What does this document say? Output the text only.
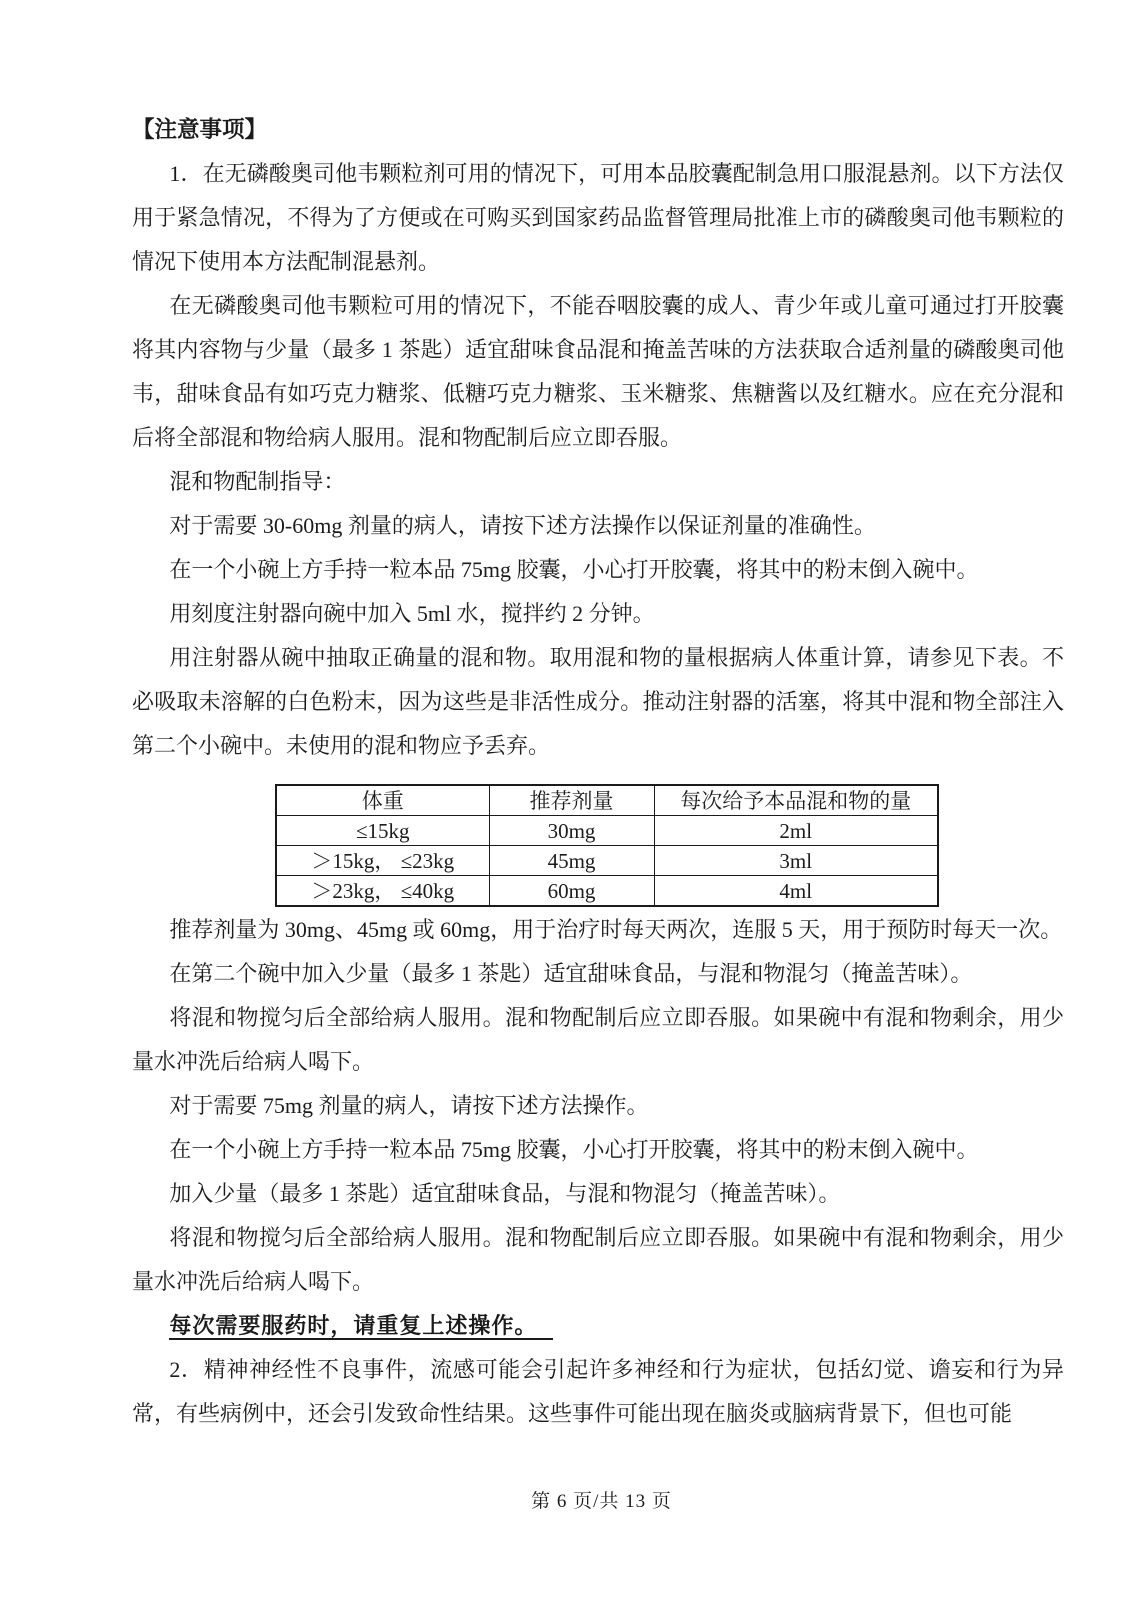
【注意事项】

1．在无磷酸奥司他韦颗粒剂可用的情况下，可用本品胶囊配制急用口服混悬剂。以下方法仅用于紧急情况，不得为了方便或在可购买到国家药品监督管理局批准上市的磷酸奥司他韦颗粒的情况下使用本方法配制混悬剂。

在无磷酸奥司他韦颗粒可用的情况下，不能吞咽胶囊的成人、青少年或儿童可通过打开胶囊将其内容物与少量（最多 1 茶匙）适宜甜味食品混和掩盖苦味的方法获取合适剂量的磷酸奥司他韦，甜味食品有如巧克力糖浆、低糖巧克力糖浆、玉米糖浆、焦糖酱以及红糖水。应在充分混和后将全部混和物给病人服用。混和物配制后应立即吞服。

混和物配制指导：

对于需要 30-60mg 剂量的病人，请按下述方法操作以保证剂量的准确性。

在一个小碗上方手持一粒本品 75mg 胶囊，小心打开胶囊，将其中的粉末倒入碗中。

用刻度注射器向碗中加入 5ml 水，搅拌约 2 分钟。

用注射器从碗中抽取正确量的混和物。取用混和物的量根据病人体重计算，请参见下表。不必吸取未溶解的白色粉末，因为这些是非活性成分。推动注射器的活塞，将其中混和物全部注入第二个小碗中。未使用的混和物应予丢弃。

体重	推荐剂量	每次给予本品混和物的量
≤15kg	30mg	2ml
＞15kg， ≤23kg	45mg	3ml
＞23kg， ≤40kg	60mg	4ml

推荐剂量为 30mg、45mg 或 60mg，用于治疗时每天两次，连服 5 天，用于预防时每天一次。

在第二个碗中加入少量（最多 1 茶匙）适宜甜味食品，与混和物混匀（掩盖苦味）。

将混和物搅匀后全部给病人服用。混和物配制后应立即吞服。如果碗中有混和物剩余，用少量水冲洗后给病人喝下。

对于需要 75mg 剂量的病人，请按下述方法操作。

在一个小碗上方手持一粒本品 75mg 胶囊，小心打开胶囊，将其中的粉末倒入碗中。

加入少量（最多 1 茶匙）适宜甜味食品，与混和物混匀（掩盖苦味）。

将混和物搅匀后全部给病人服用。混和物配制后应立即吞服。如果碗中有混和物剩余，用少量水冲洗后给病人喝下。

每次需要服药时，请重复上述操作。

2．精神神经性不良事件，流感可能会引起许多神经和行为症状，包括幻觉、谵妄和行为异常，有些病例中，还会引发致命性结果。这些事件可能出现在脑炎或脑病背景下，但也可能

第 6 页/共 13 页
